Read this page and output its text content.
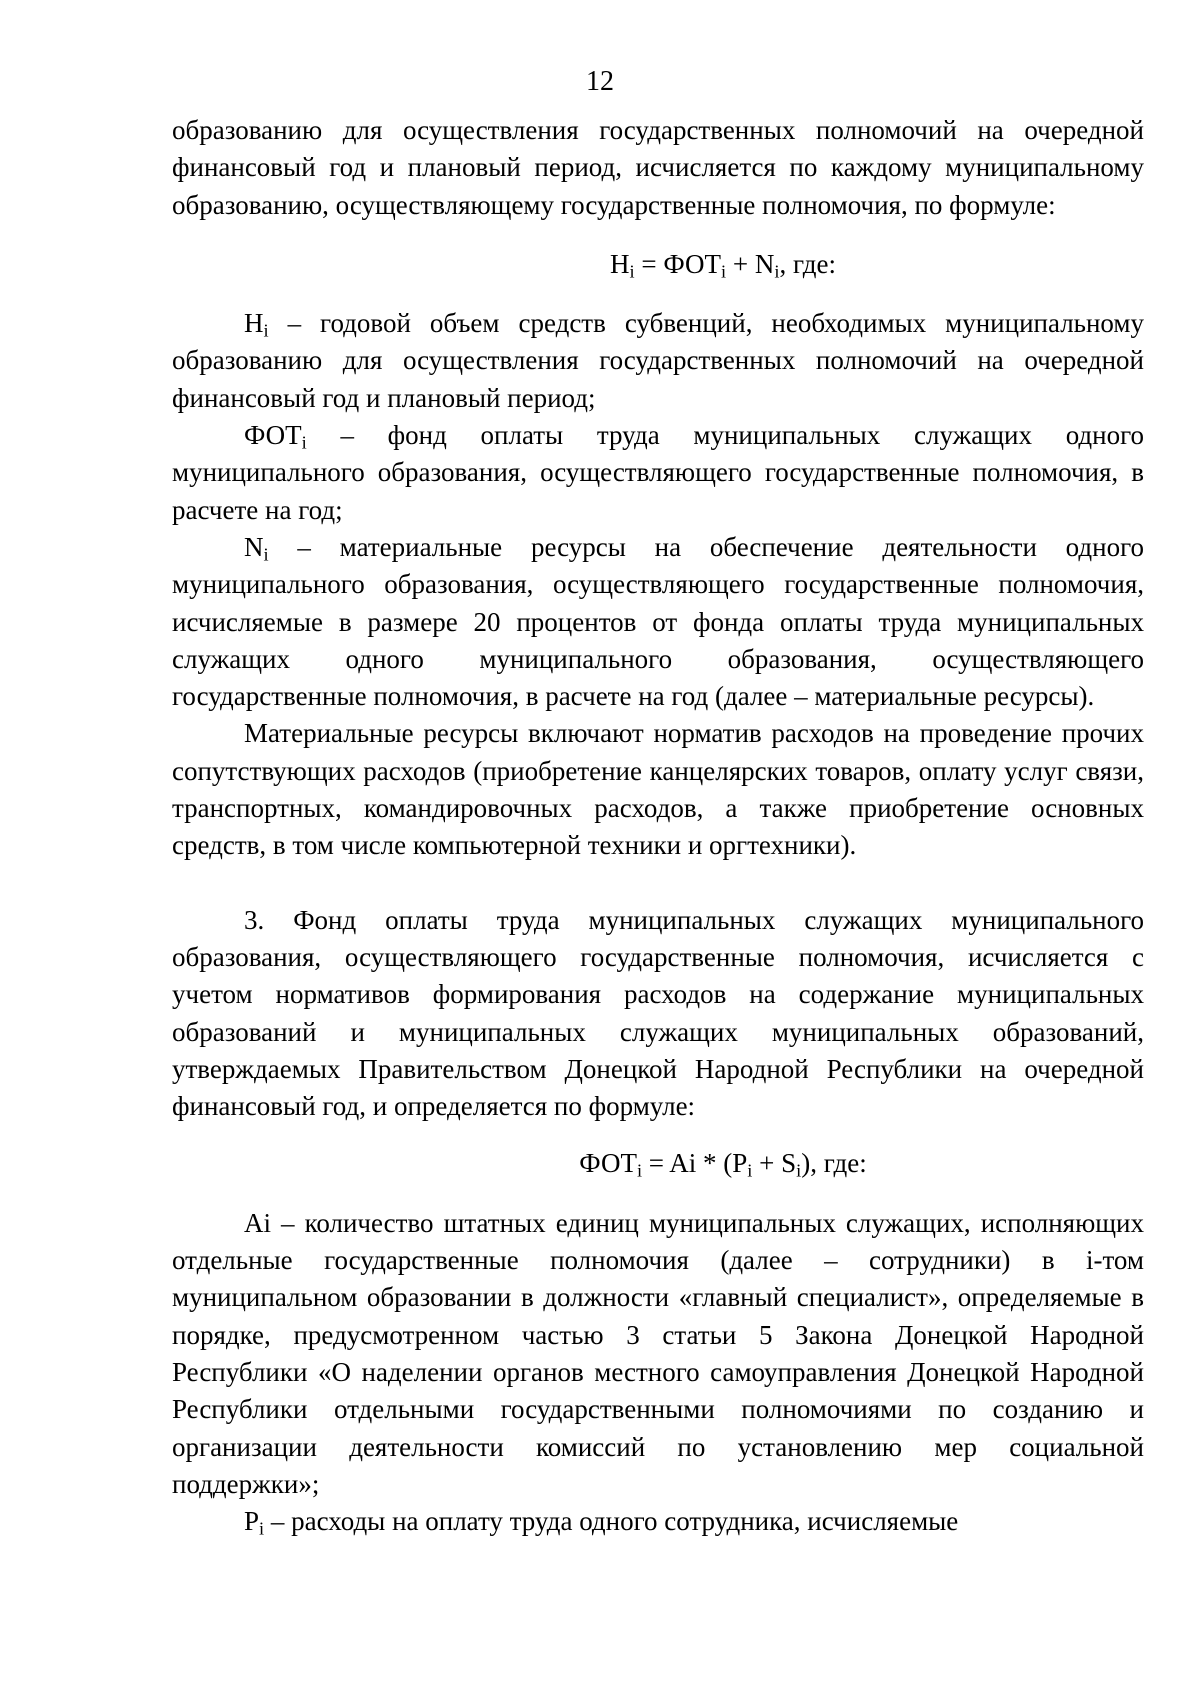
12

образованию для осуществления государственных полномочий на очередной финансовый год и плановый период, исчисляется по каждому муниципальному образованию, осуществляющему государственные полномочия, по формуле:

$H_i = ФОТ_i + N_i$, где:

$H_i$ – годовой объем средств субвенций, необходимых муниципальному образованию для осуществления государственных полномочий на очередной финансовый год и плановый период;

$ФОТ_i$ – фонд оплаты труда муниципальных служащих одного муниципального образования, осуществляющего государственные полномочия, в расчете на год;

$N_i$ – материальные ресурсы на обеспечение деятельности одного муниципального образования, осуществляющего государственные полномочия, исчисляемые в размере 20 процентов от фонда оплаты труда муниципальных служащих одного муниципального образования, осуществляющего государственные полномочия, в расчете на год (далее – материальные ресурсы).

Материальные ресурсы включают норматив расходов на проведение прочих сопутствующих расходов (приобретение канцелярских товаров, оплату услуг связи, транспортных, командировочных расходов, а также приобретение основных средств, в том числе компьютерной техники и оргтехники).

3. Фонд оплаты труда муниципальных служащих муниципального образования, осуществляющего государственные полномочия, исчисляется с учетом нормативов формирования расходов на содержание муниципальных образований и муниципальных служащих муниципальных образований, утверждаемых Правительством Донецкой Народной Республики на очередной финансовый год, и определяется по формуле:

$ФОТ_i = Ai * (P_i + S_i)$, где:

Ai – количество штатных единиц муниципальных служащих, исполняющих отдельные государственные полномочия (далее – сотрудники) в i-том муниципальном образовании в должности «главный специалист», определяемые в порядке, предусмотренном частью 3 статьи 5 Закона Донецкой Народной Республики «О наделении органов местного самоуправления Донецкой Народной Республики отдельными государственными полномочиями по созданию и организации деятельности комиссий по установлению мер социальной поддержки»;

$P_i$ – расходы на оплату труда одного сотрудника, исчисляемые
